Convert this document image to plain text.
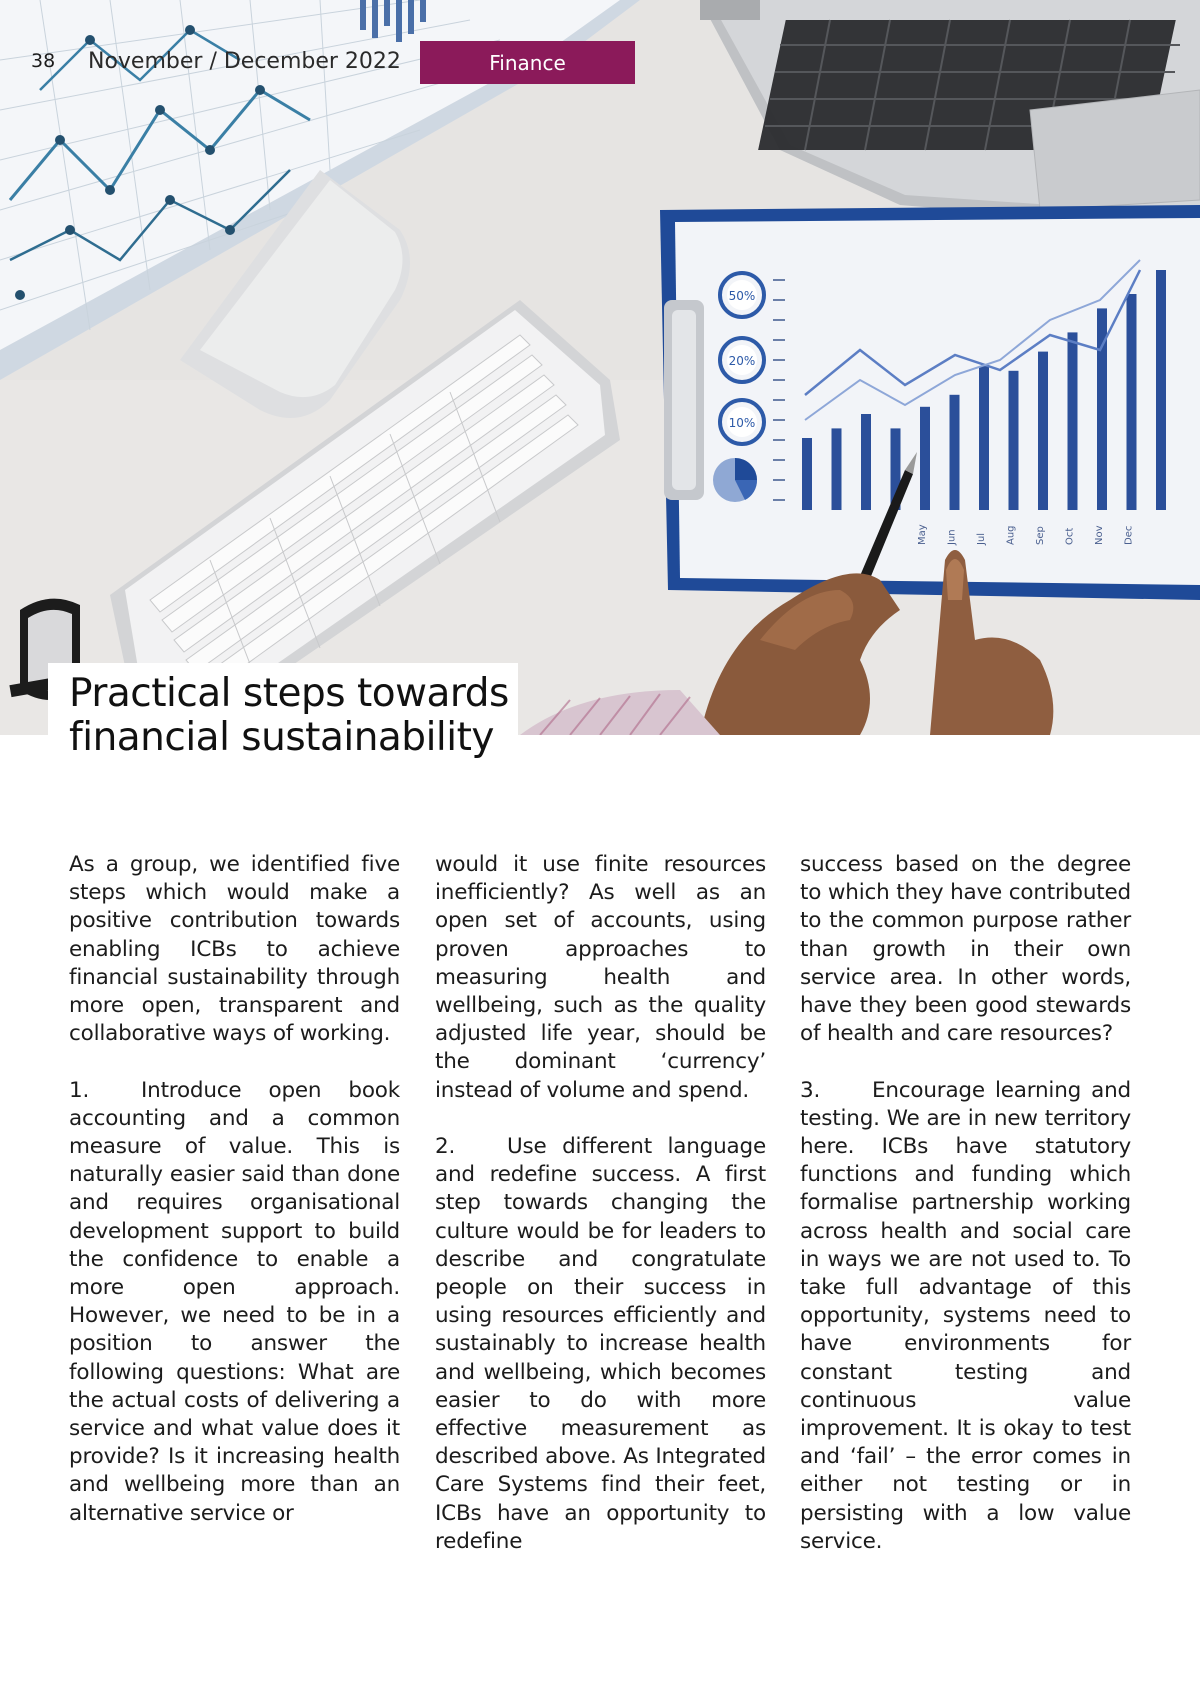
50%
20%
10%
May Jun Jul Aug Sep Oct Nov Dec
38 November / December 2022	Finance
Practical steps towards
financial sustainability

As a group, we identified five steps which would make a positive contribution towards enabling ICBs to achieve financial sustainability through more open, transparent and collaborative ways of working.

1. Introduce open book accounting and a common measure of value. This is naturally easier said than done and requires organisational development support to build the confidence to enable a more open approach. However, we need to be in a position to answer the following questions: What are the actual costs of delivering a service and what value does it provide? Is it increasing health and wellbeing more than an alternative service or

would it use finite resources inefficiently? As well as an open set of accounts, using proven approaches to measuring health and wellbeing, such as the quality adjusted life year, should be the dominant ‘currency’ instead of volume and spend.

2. Use different language and redefine success. A first step towards changing the culture would be for leaders to describe and congratulate people on their success in using resources efficiently and sustainably to increase health and wellbeing, which becomes easier to do with more effective measurement as described above. As Integrated Care Systems find their feet, ICBs have an opportunity to redefine

success based on the degree to which they have contributed to the common purpose rather than growth in their own service area. In other words, have they been good stewards of health and care resources?

3. Encourage learning and testing. We are in new territory here. ICBs have statutory functions and funding which formalise partnership working across health and social care in ways we are not used to. To take full advantage of this opportunity, systems need to have environments for constant testing and continuous value improvement. It is okay to test and ‘fail’ – the error comes in either not testing or in persisting with a low value service.
